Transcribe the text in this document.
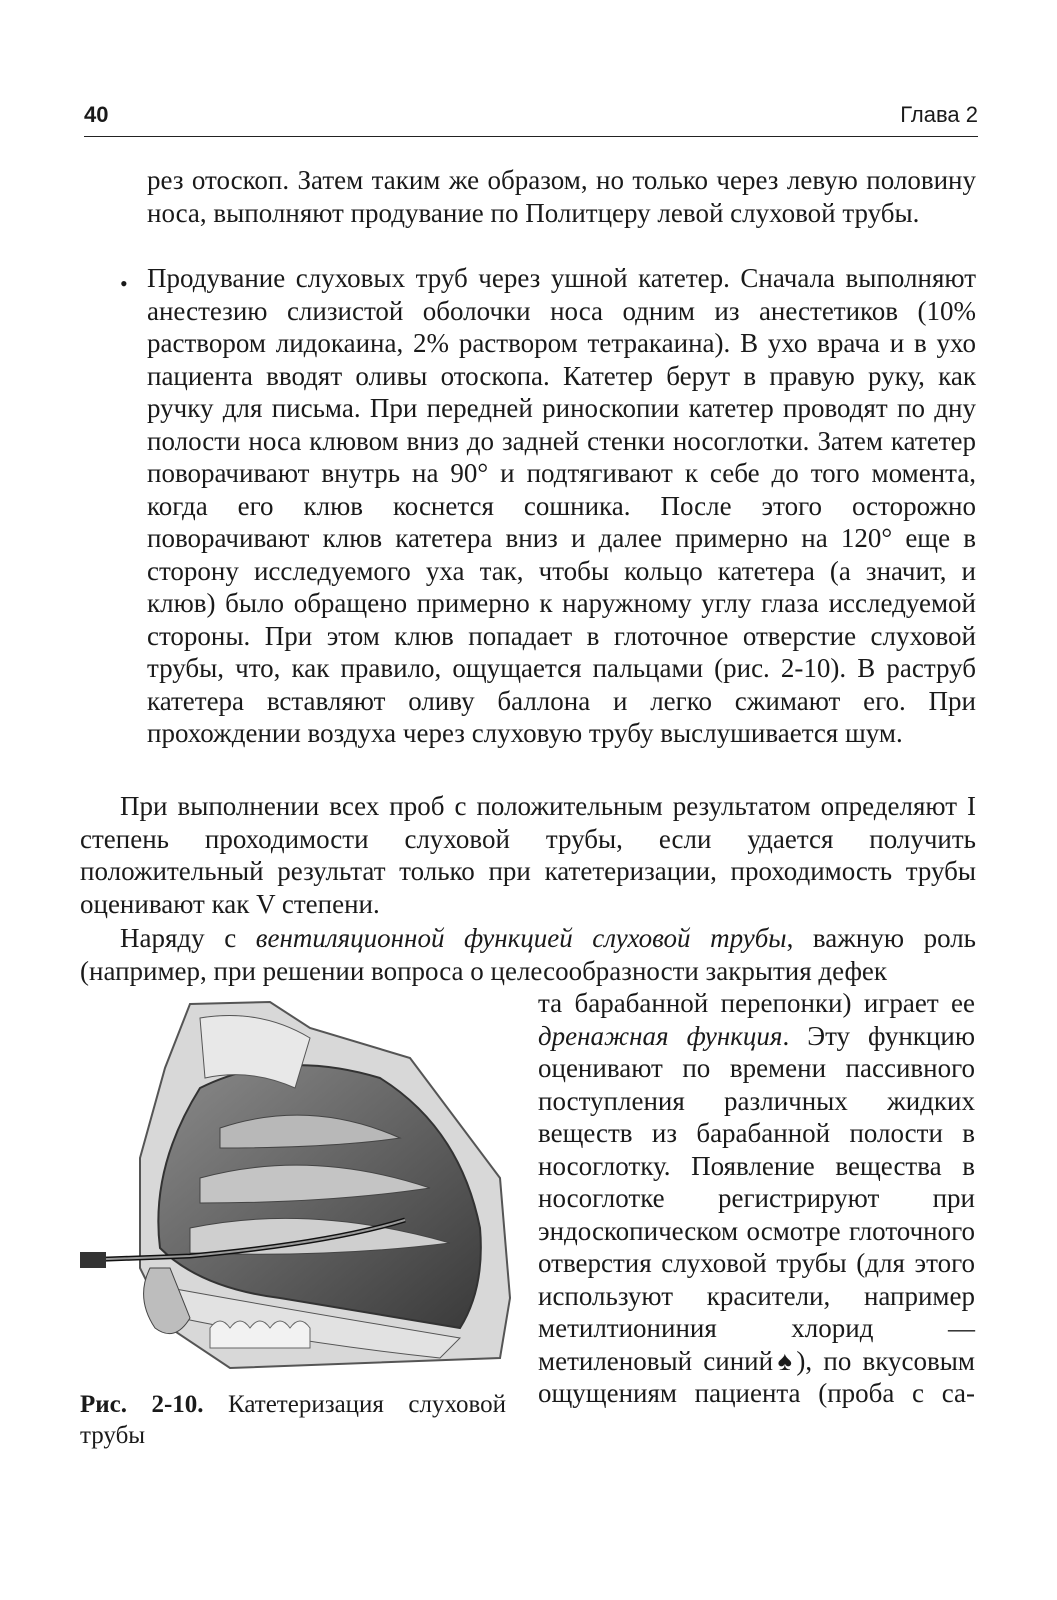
40	Глава 2

рез отоскоп. Затем таким же образом, но только через левую половину носа, выполняют продувание по Политцеру левой слуховой трубы.

• Продувание слуховых труб через ушной катетер. Сначала выполняют анестезию слизистой оболочки носа одним из анестетиков (10% раствором лидокаина, 2% раствором тетракаина). В ухо врача и в ухо пациента вводят оливы отоскопа. Катетер берут в правую руку, как ручку для письма. При передней риноскопии катетер проводят по дну полости носа клювом вниз до задней стенки носоглотки. Затем катетер поворачивают внутрь на 90° и подтягивают к себе до того момента, когда его клюв коснется сошника. После этого осторожно поворачивают клюв катетера вниз и далее примерно на 120° еще в сторону исследуемого уха так, чтобы кольцо катетера (а значит, и клюв) было обращено примерно к наружному углу глаза исследуемой стороны. При этом клюв попадает в глоточное отверстие слуховой трубы, что, как правило, ощущается пальцами (рис. 2-10). В раструб катетера вставляют оливу баллона и легко сжимают его. При прохождении воздуха через слуховую трубу выслушивается шум.

При выполнении всех проб с положительным результатом определяют I степень проходимости слуховой трубы, если удается получить положительный результат только при катетеризации, проходимость трубы оценивают как V степени.

Рис. 2-10. Катетеризация слуховой трубы

Наряду с вентиляционной функцией слуховой трубы, важную роль (например, при решении вопроса о целесообразности закрытия дефек

та барабанной перепонки) играет ее дренажная функция. Эту функцию оценивают по времени пассивного поступления различных жидких веществ из барабанной полости в носоглотку. Появление вещества в носоглотке регистрируют при эндоскопическом осмотре глоточного отверстия слуховой трубы (для этого используют красители, например метилтиониния хлорид — метиленовый синий♠), по вкусовым ощущениям пациента (проба с са-
